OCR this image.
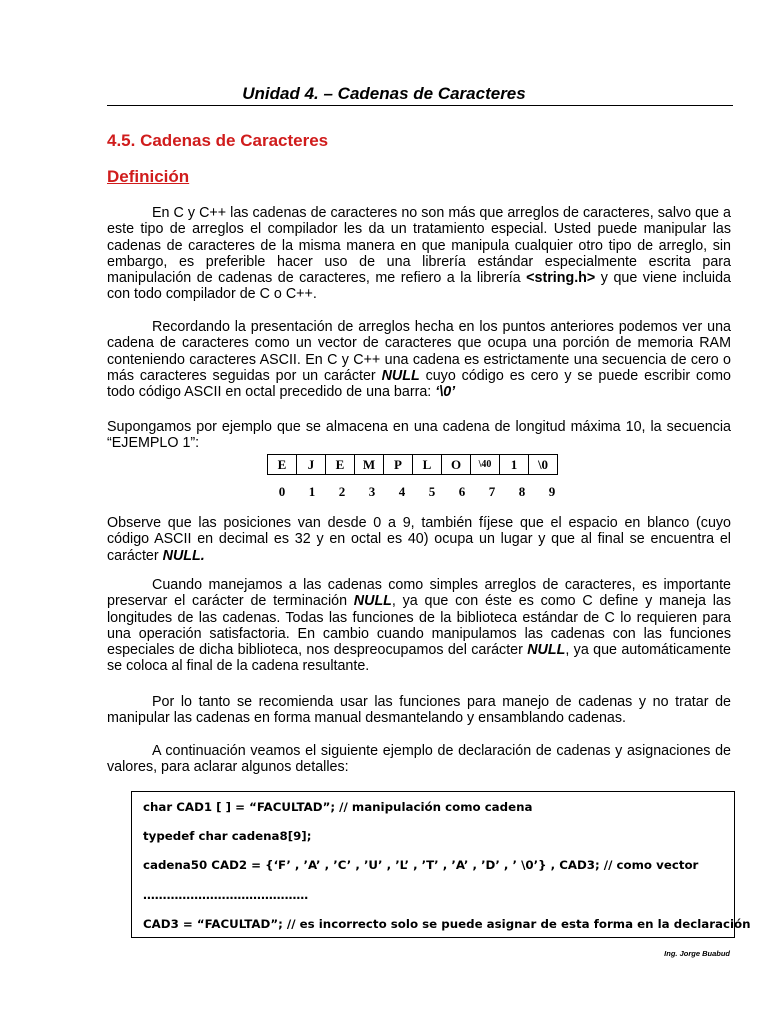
Unidad 4. – Cadenas de Caracteres
4.5. Cadenas de Caracteres
Definición
En C y C++ las cadenas de caracteres no son más que arreglos de caracteres, salvo que a este tipo de arreglos el compilador les da un tratamiento especial. Usted puede manipular las cadenas de caracteres de la misma manera en que manipula cualquier otro tipo de arreglo, sin embargo, es preferible hacer uso de una librería estándar especialmente escrita para manipulación de cadenas de caracteres, me refiero a la librería <string.h> y que viene incluida con todo compilador de C o C++.
Recordando la presentación de arreglos hecha en los puntos anteriores podemos ver una cadena de caracteres como un vector de caracteres que ocupa una porción de memoria RAM conteniendo caracteres ASCII. En C y C++ una cadena es estrictamente una secuencia de cero o más caracteres seguidas por un carácter NULL cuyo código es cero y se puede escribir como todo código ASCII en octal precedido de una barra: ‘\0’
Supongamos por ejemplo que se almacena en una cadena de longitud máxima 10, la secuencia “EJEMPLO 1”:
E	J	E	M	P	L	O	\40	1	\0
0	1	2	3	4	5	6	7	8	9
Observe que las posiciones van desde 0 a 9, también fíjese que el espacio en blanco (cuyo código ASCII en decimal es 32 y en octal es 40) ocupa un lugar y que al final se encuentra el carácter NULL.
Cuando manejamos a las cadenas como simples arreglos de caracteres, es importante preservar el carácter de terminación NULL, ya que con éste es como C define y maneja las longitudes de las cadenas. Todas las funciones de la biblioteca estándar de C lo requieren para una operación satisfactoria. En cambio cuando manipulamos las cadenas con las funciones especiales de dicha biblioteca, nos despreocupamos del carácter NULL, ya que automáticamente se coloca al final de la cadena resultante.
Por lo tanto se recomienda usar las funciones para manejo de cadenas y no tratar de manipular las cadenas en forma manual desmantelando y ensamblando cadenas.
A continuación veamos el siguiente ejemplo de declaración de cadenas y asignaciones de valores, para aclarar algunos detalles:
char CAD1 [ ] = “FACULTAD”; // manipulación como cadena
typedef char cadena8[9];
cadena50 CAD2 = {‘F’ , ’A’ , ’C’ , ’U’ , ’L’ , ’T’ , ’A’ , ’D’ , ’ \0’} , CAD3; // como vector
……………………………………
CAD3 = “FACULTAD”; // es incorrecto solo se puede asignar de esta forma en la declaración
Ing. Jorge Buabud
